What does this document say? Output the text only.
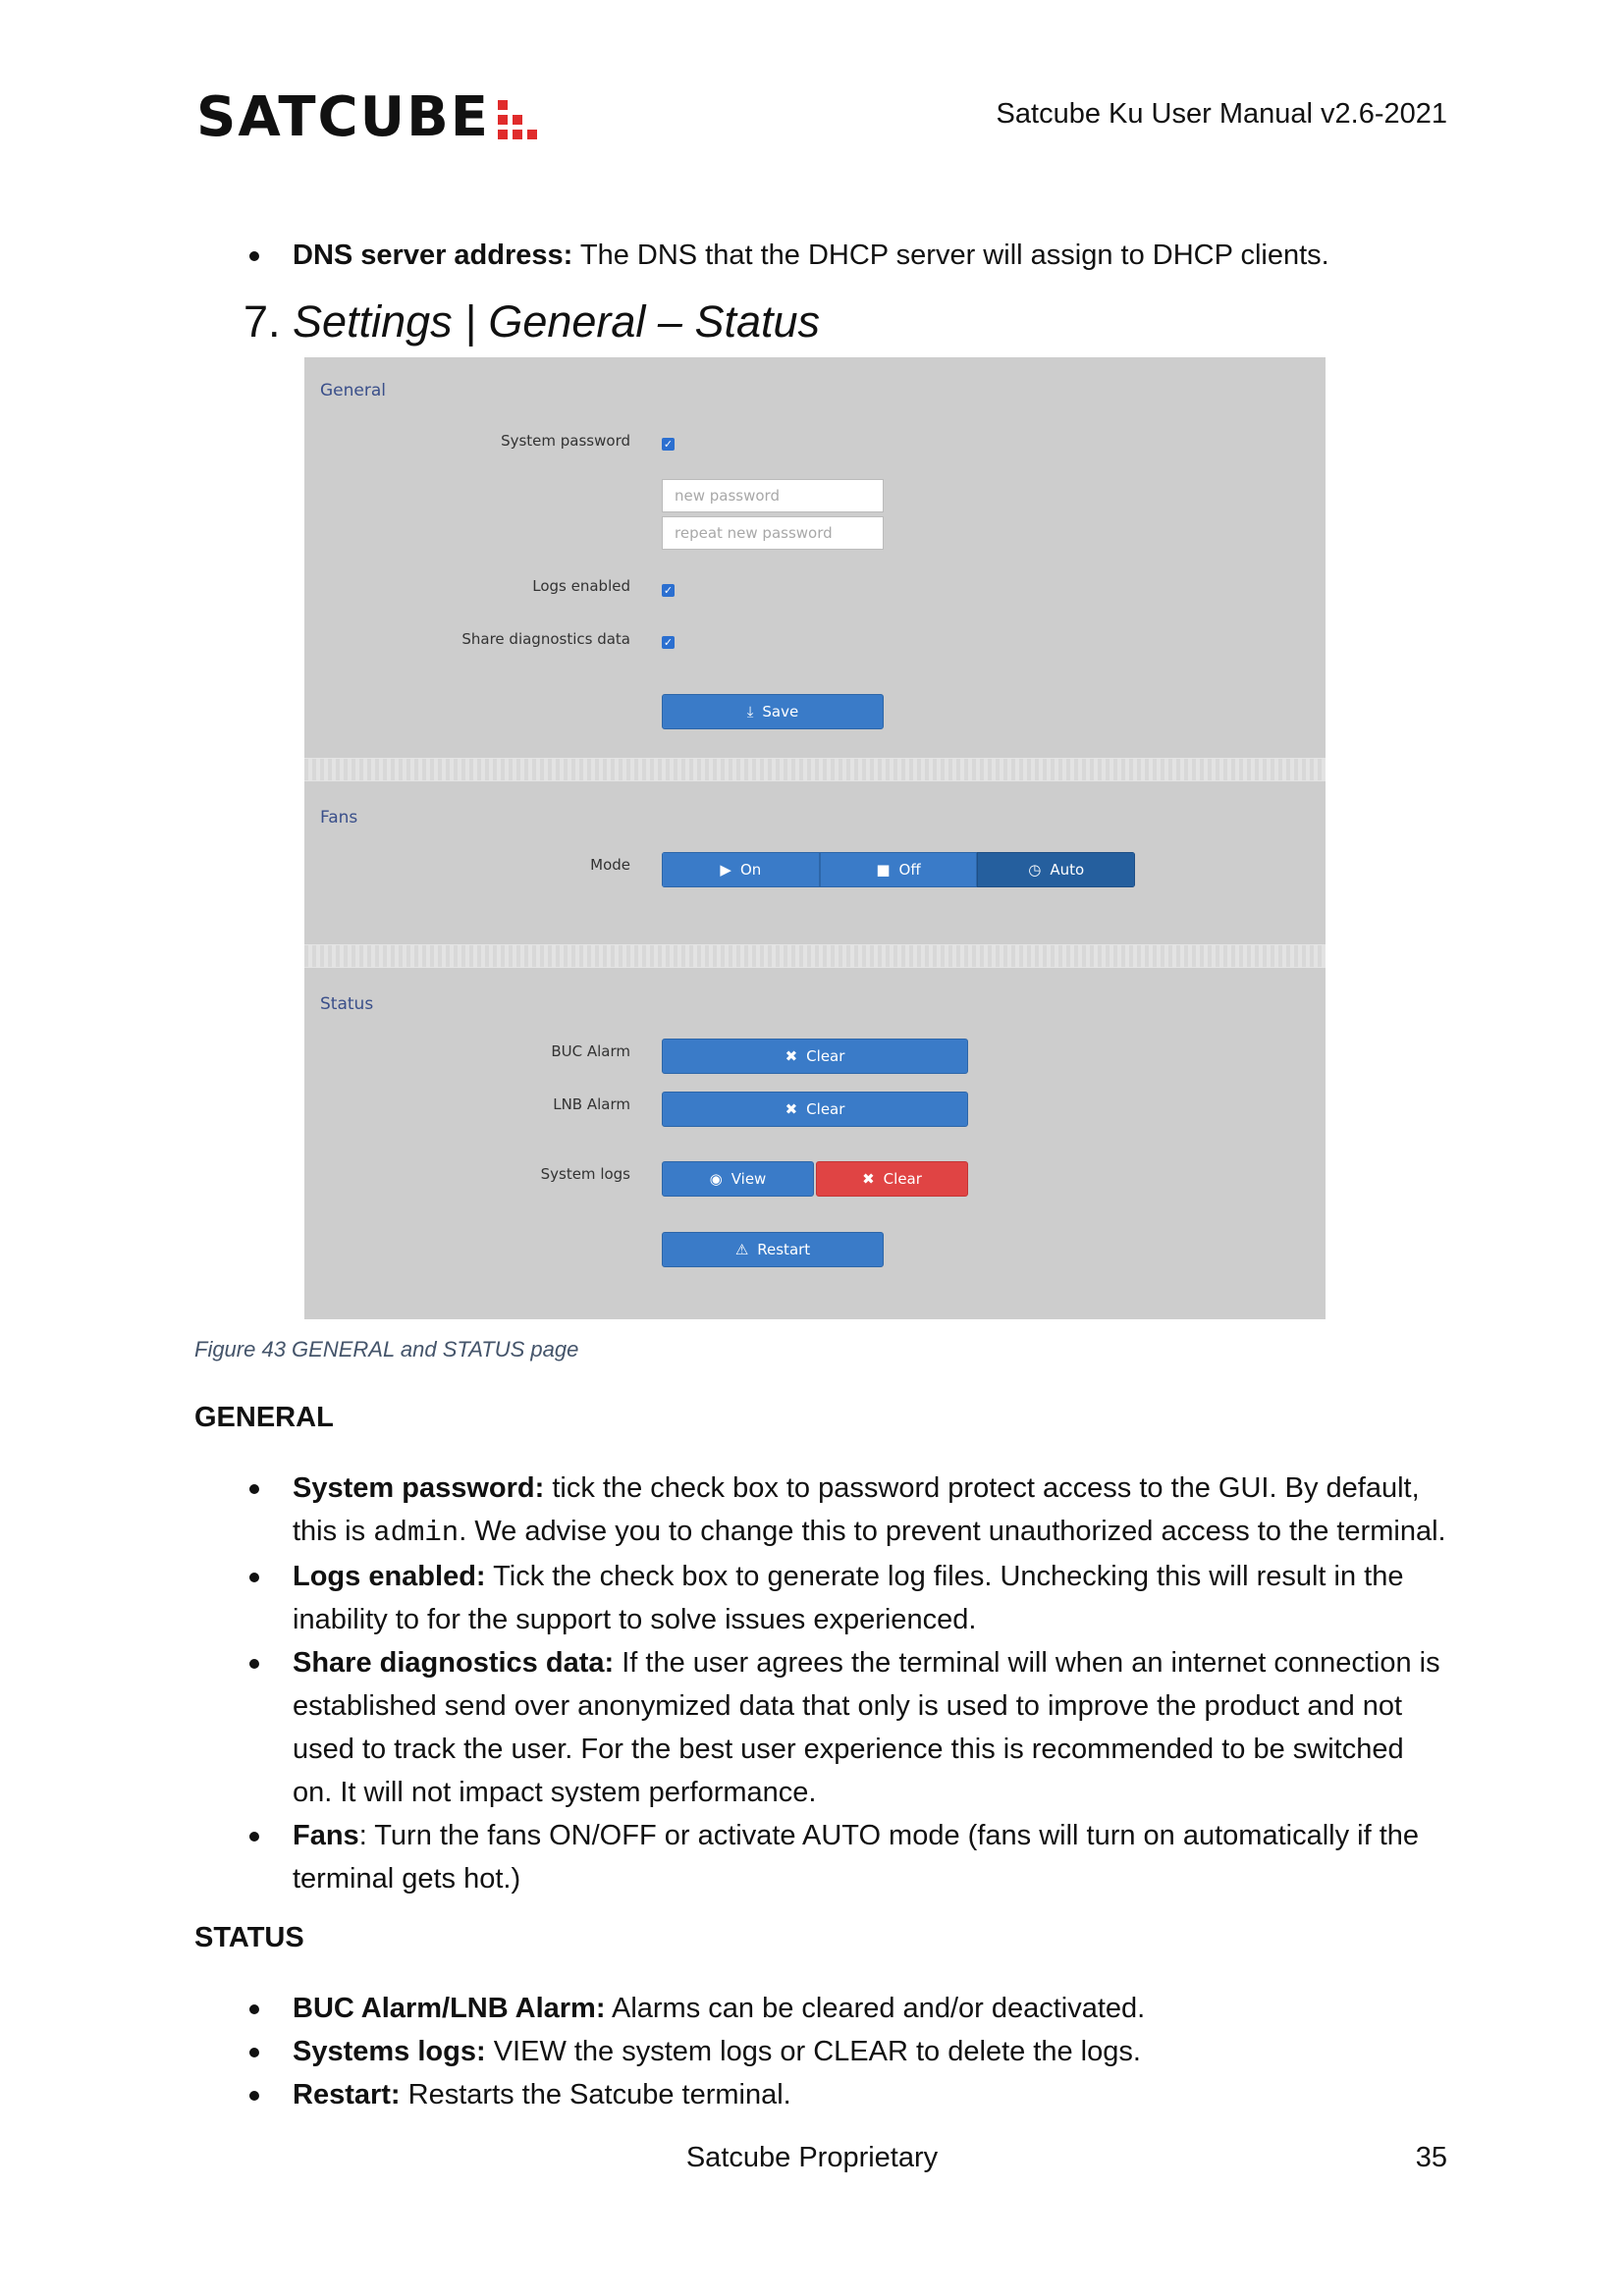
SATCUBE	Satcube Ku User Manual v2.6-2021
DNS server address: The DNS that the DHCP server will assign to DHCP clients.
7. Settings | General – Status
General
System password	✓
new password
repeat new password
Logs enabled	✓
Share diagnostics data	✓
⤓ Save
Fans
Mode	▶ On	■ Off	◷ Auto
Status
BUC Alarm	✖ Clear
LNB Alarm	✖ Clear
System logs	◉ View	✖ Clear
⚠ Restart
Figure 43 GENERAL and STATUS page
GENERAL
System password: tick the check box to password protect access to the GUI. By default, this is admin. We advise you to change this to prevent unauthorized access to the terminal.
Logs enabled: Tick the check box to generate log files. Unchecking this will result in the inability to for the support to solve issues experienced.
Share diagnostics data: If the user agrees the terminal will when an internet connection is established send over anonymized data that only is used to improve the product and not used to track the user. For the best user experience this is recommended to be switched on. It will not impact system performance.
Fans: Turn the fans ON/OFF or activate AUTO mode (fans will turn on automatically if the terminal gets hot.)
STATUS
BUC Alarm/LNB Alarm: Alarms can be cleared and/or deactivated.
Systems logs: VIEW the system logs or CLEAR to delete the logs.
Restart: Restarts the Satcube terminal.
Satcube Proprietary	35
